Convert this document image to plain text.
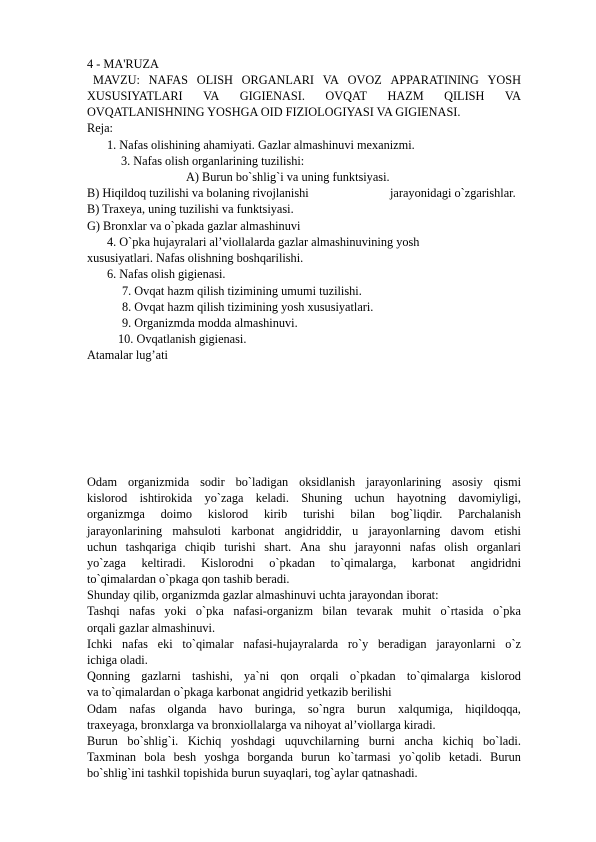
4 - MA'RUZA
MAVZU: NAFAS OLISH ORGANLARI VA OVOZ APPARATINING YOSH
XUSUSIYATLARI VA GIGIENASI. OVQAT HAZM QILISH VA
OVQATLANISHNING YOSHGA OID FIZIOLOGIYASI VA GIGIENASI.
Reja:
1. Nafas olishining ahamiyati. Gazlar almashinuvi mexanizmi.
3. Nafas olish organlarining tuzilishi:
A) Burun bo`shlig`i va uning funktsiyasi.
B) Hiqildoq tuzilishi va bolaning rivojlanishi	jarayonidagi o`zgarishlar.
B) Traxeya, uning tuzilishi va funktsiyasi.
G) Bronxlar va o`pkada gazlar almashinuvi
4. O`pka hujayralari al’viollalarda gazlar almashinuvining yosh
xususiyatlari. Nafas olishning boshqarilishi.
6. Nafas olish gigienasi.
7. Ovqat hazm qilish tizimining umumi tuzilishi.
8. Ovqat hazm qilish tizimining yosh xususiyatlari.
9. Organizmda modda almashinuvi.
10. Ovqatlanish gigienasi.
Atamalar lug’ati
Odam organizmida sodir bo`ladigan oksidlanish jarayonlarining asosiy qismi
kislorod ishtirokida yo`zaga keladi. Shuning uchun hayotning davomiyligi,
organizmga doimo kislorod kirib turishi bilan bog`liqdir. Parchalanish
jarayonlarining mahsuloti karbonat angidriddir, u jarayonlarning davom etishi
uchun tashqariga chiqib turishi shart. Ana shu jarayonni nafas olish organlari
yo`zaga keltiradi. Kislorodni o`pkadan to`qimalarga, karbonat angidridni
to`qimalardan o`pkaga qon tashib beradi.
Shunday qilib, organizmda gazlar almashinuvi uchta jarayondan iborat:
Tashqi nafas yoki o`pka nafasi-organizm bilan tevarak muhit o`rtasida o`pka
orqali gazlar almashinuvi.
Ichki nafas eki to`qimalar nafasi-hujayralarda ro`y beradigan jarayonlarni o`z
ichiga oladi.
Qonning gazlarni tashishi, ya`ni qon orqali o`pkadan to`qimalarga kislorod
va to`qimalardan o`pkaga karbonat angidrid yetkazib berilishi
Odam nafas olganda havo buringa, so`ngra burun xalqumiga, hiqildoqqa,
traxeyaga, bronxlarga va bronxiollalarga va nihoyat al’viollarga kiradi.
Burun bo`shlig`i. Kichiq yoshdagi uquvchilarning burni ancha kichiq bo`ladi.
Taxminan bola besh yoshga borganda burun ko`tarmasi yo`qolib ketadi. Burun
bo`shlig`ini tashkil topishida burun suyaqlari, tog`aylar qatnashadi.
